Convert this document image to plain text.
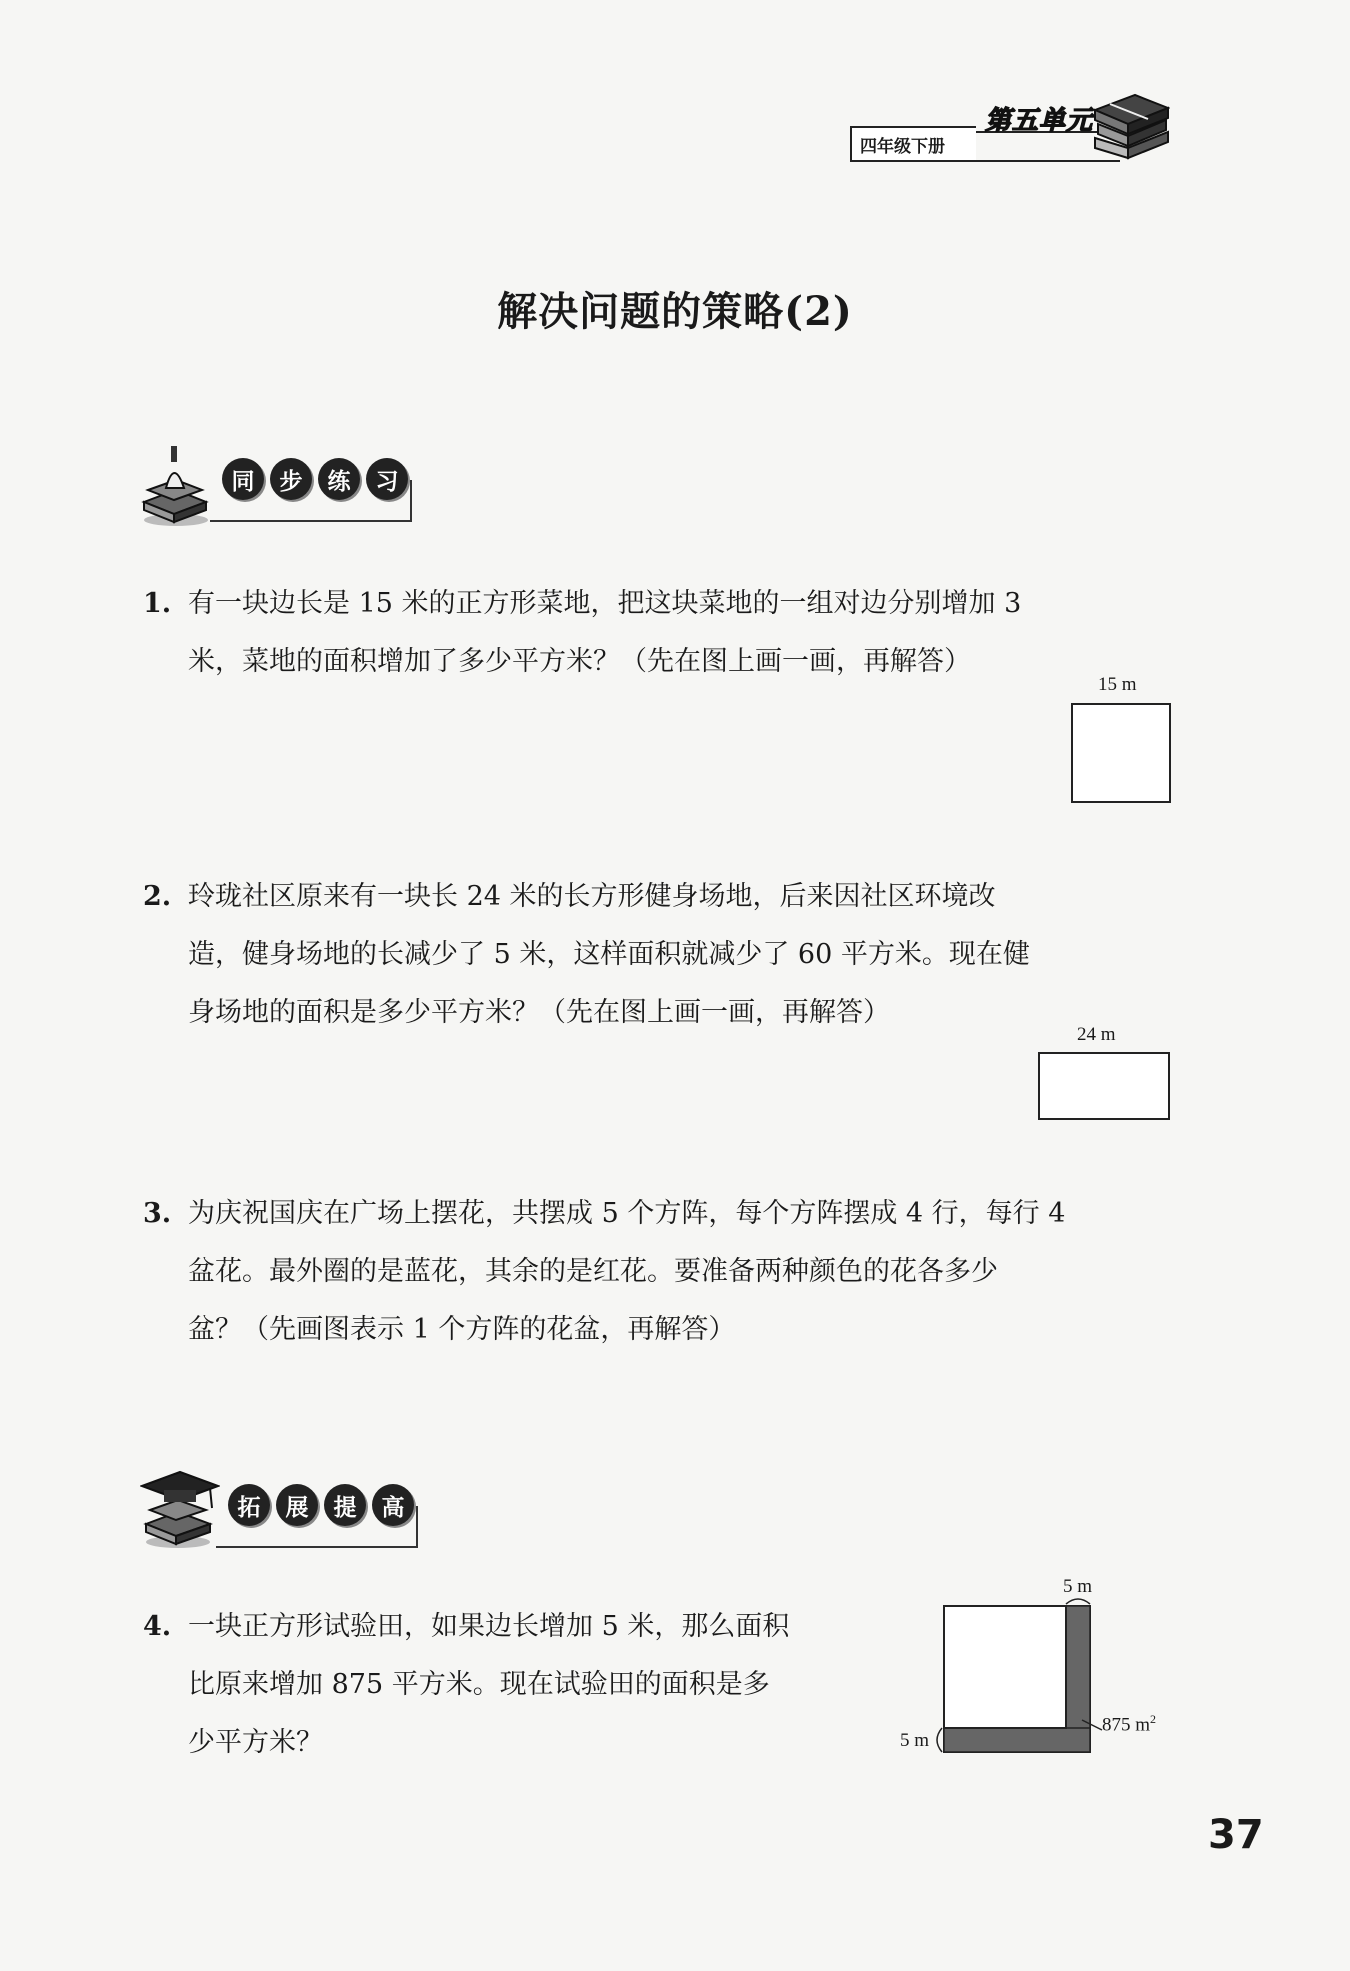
四年级下册
第五单元
解决问题的策略(2)
同	步	练	习
1. 有一块边长是 15 米的正方形菜地，把这块菜地的一组对边分别增加 3
米，菜地的面积增加了多少平方米？（先在图上画一画，再解答）
15 m
2. 玲珑社区原来有一块长 24 米的长方形健身场地，后来因社区环境改
造，健身场地的长减少了 5 米，这样面积就减少了 60 平方米。现在健
身场地的面积是多少平方米？（先在图上画一画，再解答）
24 m
3. 为庆祝国庆在广场上摆花，共摆成 5 个方阵，每个方阵摆成 4 行，每行 4
盆花。最外圈的是蓝花，其余的是红花。要准备两种颜色的花各多少
盆？（先画图表示 1 个方阵的花盆，再解答）
拓	展	提	高
4. 一块正方形试验田，如果边长增加 5 米，那么面积
比原来增加 875 平方米。现在试验田的面积是多
少平方米？
5 m
5 m
875 $m^2$
37
